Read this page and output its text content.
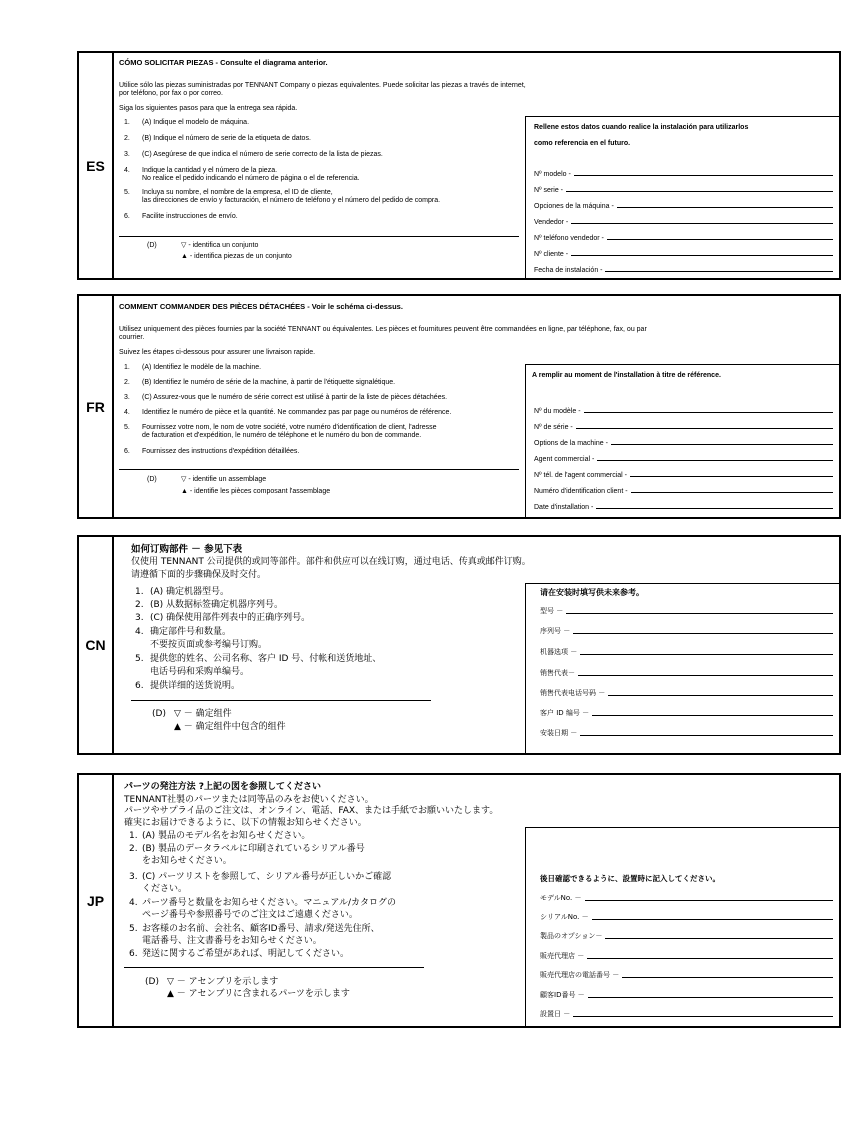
ES
CÓMO SOLICITAR PIEZAS - Consulte el diagrama anterior.
Utilice sólo las piezas suministradas por TENNANT Company o piezas equivalentes. Puede solicitar las piezas a través de internet,
por teléfono, por fax o por correo.
Siga los siguientes pasos para que la entrega sea rápida.
1. (A) Indique el modelo de máquina.
2. (B) Indique el número de serie de la etiqueta de datos.
3. (C) Asegúrese de que indica el número de serie correcto de la lista de piezas.
4. Indique la cantidad y el número de la pieza.
No realice el pedido indicando el número de página o el de referencia.
5. Incluya su nombre, el nombre de la empresa, el ID de cliente,
las direcciones de envío y facturación, el número de teléfono y el número del pedido de compra.
6. Facilite instrucciones de envío.
(D)	▽ - identifica un conjunto
▲ - identifica piezas de un conjunto
Rellene estos datos cuando realice la instalación para utilizarlos
como referencia en el futuro.
Nº modelo -
Nº serie -
Opciones de la máquina -
Vendedor -
Nº teléfono vendedor -
Nº cliente -
Fecha de instalación -
FR
COMMENT COMMANDER DES PIÈCES DÉTACHÉES - Voir le schéma ci-dessus.
Utilisez uniquement des pièces fournies par la société TENNANT ou équivalentes. Les pièces et fournitures peuvent être commandées en ligne, par téléphone, fax, ou par
courrier.
Suivez les étapes ci-dessous pour assurer une livraison rapide.
1. (A) Identifiez le modèle de la machine.
2. (B) Identifiez le numéro de série de la machine, à partir de l'étiquette signalétique.
3. (C) Assurez-vous que le numéro de série correct est utilisé à partir de la liste de pièces détachées.
4. Identifiez le numéro de pièce et la quantité. Ne commandez pas par page ou numéros de référence.
5. Fournissez votre nom, le nom de votre société, votre numéro d'identification de client, l'adresse
de facturation et d'expédition, le numéro de téléphone et le numéro du bon de commande.
6. Fournissez des instructions d'expédition détaillées.
(D)	▽ - identifie un assemblage
▲ - identifie les pièces composant l'assemblage
A remplir au moment de l'installation à titre de référence.
Nº du modèle -
Nº de série -
Options de la machine -
Agent commercial -
Nº tél. de l'agent commercial -
Numéro d'identification client -
Date d'installation -
CN
如何订购部件 － 参见下表
仅使用 TENNANT 公司提供的或同等部件。部件和供应可以在线订购，通过电话、传真或邮件订购。
请遵循下面的步骤确保及时交付。
1. (A) 确定机器型号。
2. (B) 从数据标签确定机器序列号。
3. (C) 确保使用部件列表中的正确序列号。
4. 确定部件号和数量。
不要按页面或参考编号订购。
5. 提供您的姓名、公司名称、客户 ID 号、付帐和送货地址、
电话号码和采购单编号。
6. 提供详细的送货说明。
(D) ▽ － 确定组件
▲ － 确定组件中包含的组件
请在安装时填写供未来参考。
型号 －
序列号 －
机器选项 －
销售代表－
销售代表电话号码 －
客户 ID 编号 －
安装日期 －
JP
パーツの発注方法 ?上記の図を参照してください
TENNANT社製のパーツまたは同等品のみをお使いください。
パーツやサプライ品のご注文は、オンライン、電話、FAX、または手紙でお願いいたします。
確実にお届けできるように、以下の情報お知らせください。
1. (A) 製品のモデル名をお知らせください。
2. (B) 製品のデータラベルに印刷されているシリアル番号
をお知らせください。
3. (C) パーツリストを参照して、シリアル番号が正しいかご確認
ください。
4. パーツ番号と数量をお知らせください。マニュアル/カタログの
ページ番号や参照番号でのご注文はご遠慮ください。
5. お客様のお名前、会社名、顧客ID番号、請求/発送先住所、
電話番号、注文書番号をお知らせください。
6. 発送に関するご希望があれば、明記してください。
(D) ▽ － アセンブリを示します
▲ － アセンブリに含まれるパーツを示します
後日確認できるように、設置時に記入してください。
モデルNo. －
シリアルNo. －
製品のオプション－
販売代理店 －
販売代理店の電話番号 －
顧客ID番号 －
設置日 －
